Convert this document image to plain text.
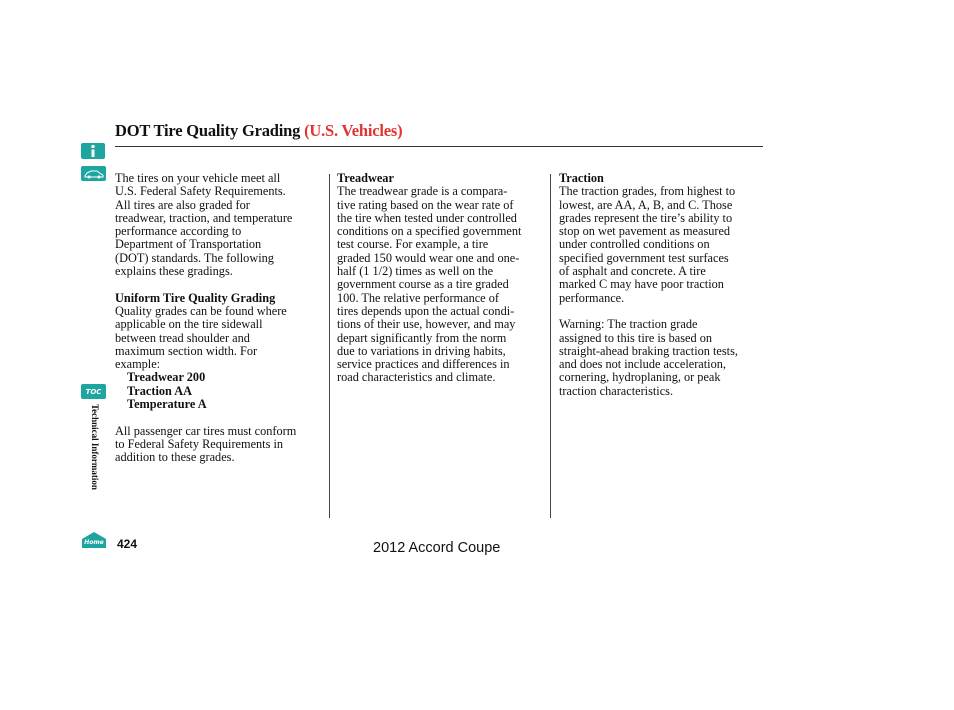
DOT Tire Quality Grading (U.S. Vehicles)
TOC
Technical Information
Home

The tires on your vehicle meet all

U.S. Federal Safety Requirements.

All tires are also graded for

treadwear, traction, and temperature

performance according to

Department of Transportation

(DOT) standards. The following

explains these gradings.

Uniform Tire Quality Grading

Quality grades can be found where

applicable on the tire sidewall

between tread shoulder and

maximum section width. For

example:

Treadwear 200

Traction AA

Temperature A

All passenger car tires must conform

to Federal Safety Requirements in

addition to these grades.

Treadwear

The treadwear grade is a compara-

tive rating based on the wear rate of

the tire when tested under controlled

conditions on a specified government

test course. For example, a tire

graded 150 would wear one and one-

half (1 1/2) times as well on the

government course as a tire graded

100. The relative performance of

tires depends upon the actual condi-

tions of their use, however, and may

depart significantly from the norm

due to variations in driving habits,

service practices and differences in

road characteristics and climate.

Traction

The traction grades, from highest to

lowest, are AA, A, B, and C. Those

grades represent the tire’s ability to

stop on wet pavement as measured

under controlled conditions on

specified government test surfaces

of asphalt and concrete. A tire

marked C may have poor traction

performance.

Warning: The traction grade

assigned to this tire is based on

straight-ahead braking traction tests,

and does not include acceleration,

cornering, hydroplaning, or peak

traction characteristics.

424	2012 Accord Coupe
